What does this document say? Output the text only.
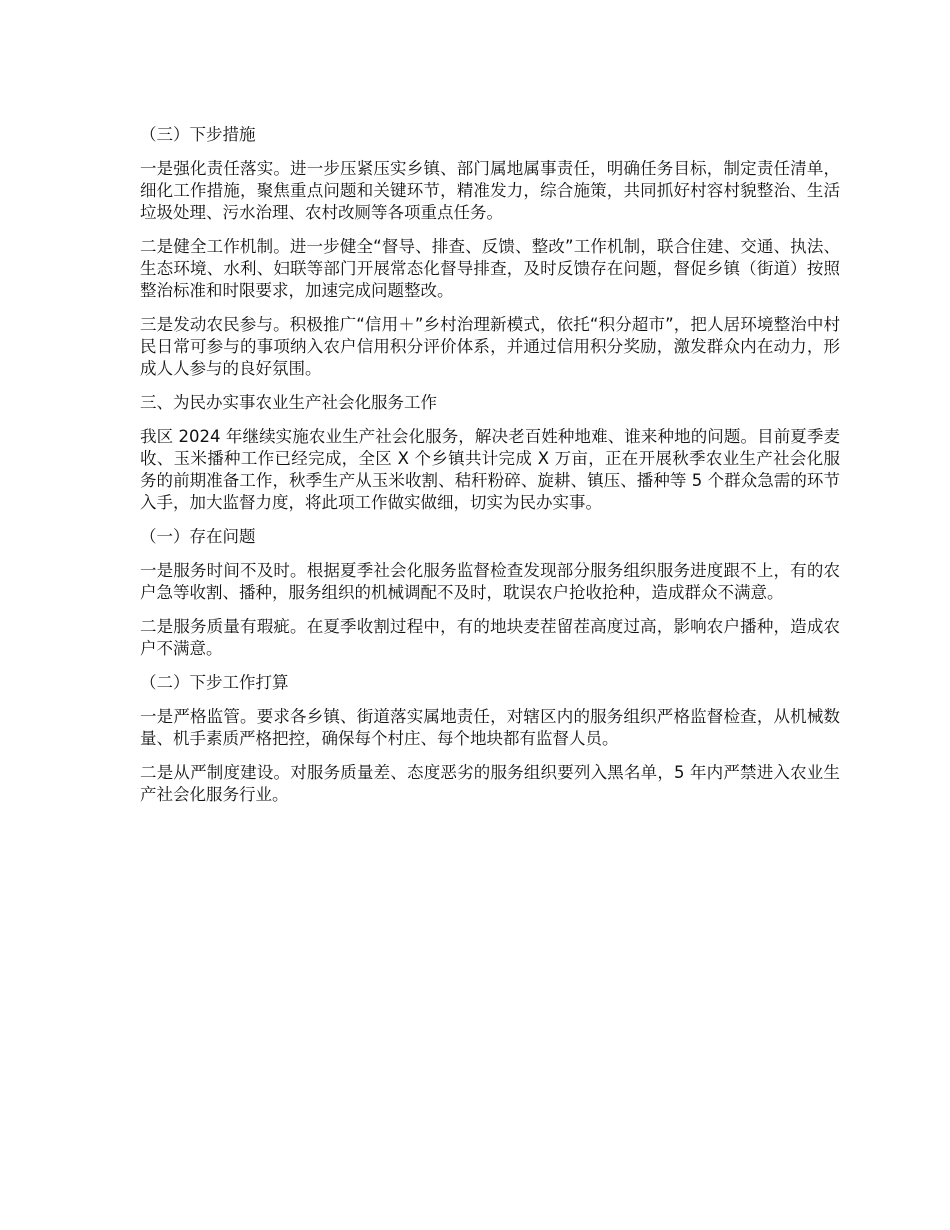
（三）下步措施

一是强化责任落实。进一步压紧压实乡镇、部门属地属事责任，明确任务目标，制定责任清单，细化工作措施，聚焦重点问题和关键环节，精准发力，综合施策，共同抓好村容村貌整治、生活垃圾处理、污水治理、农村改厕等各项重点任务。

二是健全工作机制。进一步健全“督导、排查、反馈、整改”工作机制，联合住建、交通、执法、生态环境、水利、妇联等部门开展常态化督导排查，及时反馈存在问题，督促乡镇（街道）按照整治标准和时限要求，加速完成问题整改。

三是发动农民参与。积极推广“信用＋”乡村治理新模式，依托“积分超市”，把人居环境整治中村民日常可参与的事项纳入农户信用积分评价体系，并通过信用积分奖励，激发群众内在动力，形成人人参与的良好氛围。

三、为民办实事农业生产社会化服务工作

我区 2024 年继续实施农业生产社会化服务，解决老百姓种地难、谁来种地的问题。目前夏季麦收、玉米播种工作已经完成，全区 X 个乡镇共计完成 X 万亩，正在开展秋季农业生产社会化服务的前期准备工作，秋季生产从玉米收割、秸秆粉碎、旋耕、镇压、播种等 5 个群众急需的环节入手，加大监督力度，将此项工作做实做细，切实为民办实事。

（一）存在问题

一是服务时间不及时。根据夏季社会化服务监督检查发现部分服务组织服务进度跟不上，有的农户急等收割、播种，服务组织的机械调配不及时，耽误农户抢收抢种，造成群众不满意。

二是服务质量有瑕疵。在夏季收割过程中，有的地块麦茬留茬高度过高，影响农户播种，造成农户不满意。

（二）下步工作打算

一是严格监管。要求各乡镇、街道落实属地责任，对辖区内的服务组织严格监督检查，从机械数量、机手素质严格把控，确保每个村庄、每个地块都有监督人员。

二是从严制度建设。对服务质量差、态度恶劣的服务组织要列入黑名单，5 年内严禁进入农业生产社会化服务行业。
